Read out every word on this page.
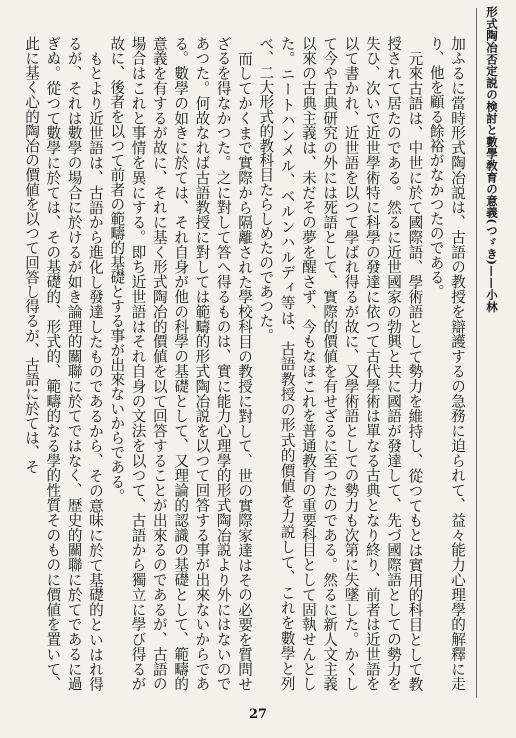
形式陶冶否定説の検討と數學敎育の意義(つゞき)——小林

加ふるに當時形式陶冶説は、古語の教授を辯護するの急務に迫られて、益々能力心理學的解釋に走り、他を顧る餘裕がなかつたのである。

元來古語は、中世に於て國際語、學術語として勢力を維持し、從つてもとは實用的科目として教授されて居たのである。然るに近世國家の勃興と共に國語が發達して、先づ國際語としての勢力を失ひ、次いで近世學術特に科學の發達に依つて古代學術は單なる古典となり終り、前者は近世語を以て書かれ、近世語を以つて學ばれ得るが故に、又學術語としての勢力も次第に失墜した。かくして今や古典研究の外には死語として、實際的價値を有せざるに至つたのである。然るに新人文主義以來の古典主義は、未だその夢を醒さず、今もなほこれを普通教育の重要科目として固執せんとした。ニートハンメル、ベルンハルディ等は、古語教授の形式的價値を力説して、これを數學と列べ、二大形式的教科目たらしめたのであつた。

而してかくまで實際から隔離された學校科目の教授に對して、世の實際家達はその必要を質問せざるを得なかつた。之に對して答へ得るものは、實に能力心理學的形式陶冶説より外にはないのであつた。何故なれば古語教授に對しては範疇的形式陶冶説を以つて回答する事が出來ないからである。數學の如きに於ては、それ自身が他の科學の基礎として、又理論的認識の基礎として、範疇的意義を有するが故に、それに基く形式陶冶的價値を以て回答することが出來るのであるが、古語の場合はこれと事情を異にする。即ち近世語はそれ自身の文法を以つて、古語から獨立に學び得るが故に、後者を以つて前者の範疇的基礎とする事が出來ないからである。

もとより近世語は、古語から進化し發達したものであるから、その意味に於て基礎的といはれ得るが、それは數學の場合に於けるが如き論理的關聯に於てではなく、歴史的關聯に於てであるに過ぎぬ。從つて數學に於ては、その基礎的、形式的、範疇的なる學的性質そのものに價値を置いて、此に基く心的陶冶の價値を以つて回答し得るが、古語に於ては、そ

27
